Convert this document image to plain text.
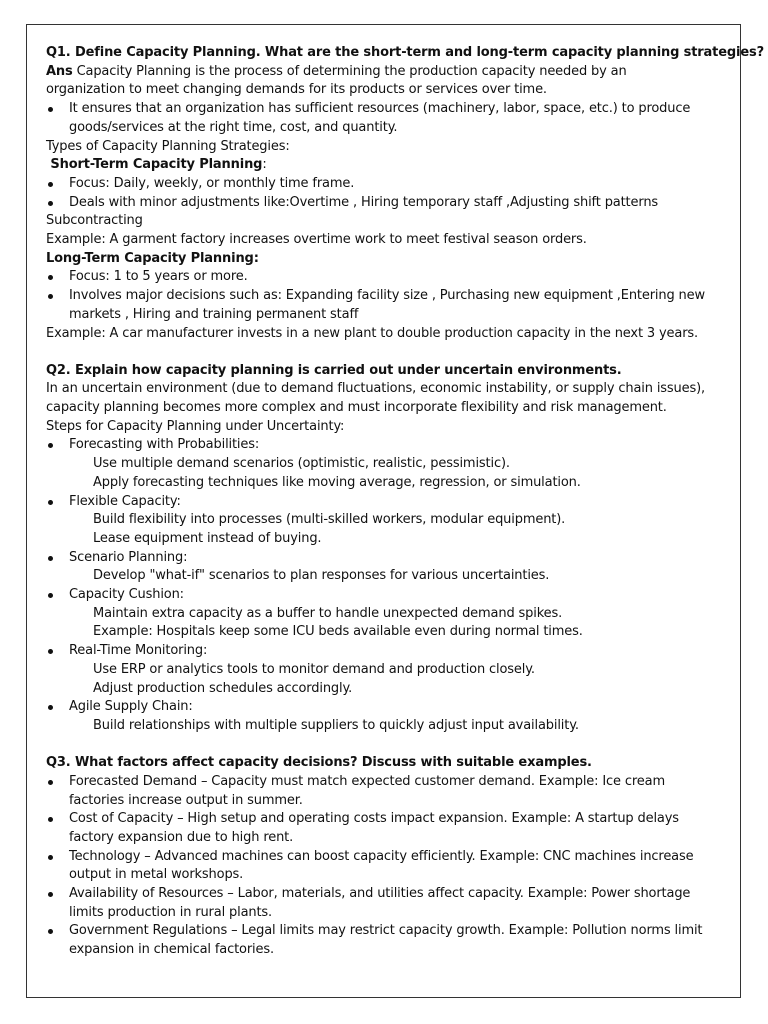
Q1. Define Capacity Planning. What are the short-term and long-term capacity planning strategies?
Ans Capacity Planning is the process of determining the production capacity needed by an
organization to meet changing demands for its products or services over time.
It ensures that an organization has sufficient resources (machinery, labor, space, etc.) to produce
goods/services at the right time, cost, and quantity.
Types of Capacity Planning Strategies:
Short-Term Capacity Planning:
Focus: Daily, weekly, or monthly time frame.
Deals with minor adjustments like:Overtime , Hiring temporary staff ,Adjusting shift patterns
Subcontracting
Example: A garment factory increases overtime work to meet festival season orders.
Long-Term Capacity Planning:
Focus: 1 to 5 years or more.
Involves major decisions such as: Expanding facility size , Purchasing new equipment ,Entering new
markets , Hiring and training permanent staff
Example: A car manufacturer invests in a new plant to double production capacity in the next 3 years.
Q2. Explain how capacity planning is carried out under uncertain environments.
In an uncertain environment (due to demand fluctuations, economic instability, or supply chain issues),
capacity planning becomes more complex and must incorporate flexibility and risk management.
Steps for Capacity Planning under Uncertainty:
Forecasting with Probabilities:
Use multiple demand scenarios (optimistic, realistic, pessimistic).
Apply forecasting techniques like moving average, regression, or simulation.
Flexible Capacity:
Build flexibility into processes (multi-skilled workers, modular equipment).
Lease equipment instead of buying.
Scenario Planning:
Develop "what-if" scenarios to plan responses for various uncertainties.
Capacity Cushion:
Maintain extra capacity as a buffer to handle unexpected demand spikes.
Example: Hospitals keep some ICU beds available even during normal times.
Real-Time Monitoring:
Use ERP or analytics tools to monitor demand and production closely.
Adjust production schedules accordingly.
Agile Supply Chain:
Build relationships with multiple suppliers to quickly adjust input availability.
Q3. What factors affect capacity decisions? Discuss with suitable examples.
Forecasted Demand – Capacity must match expected customer demand. Example: Ice cream
factories increase output in summer.
Cost of Capacity – High setup and operating costs impact expansion. Example: A startup delays
factory expansion due to high rent.
Technology – Advanced machines can boost capacity efficiently. Example: CNC machines increase
output in metal workshops.
Availability of Resources – Labor, materials, and utilities affect capacity. Example: Power shortage
limits production in rural plants.
Government Regulations – Legal limits may restrict capacity growth. Example: Pollution norms limit
expansion in chemical factories.
